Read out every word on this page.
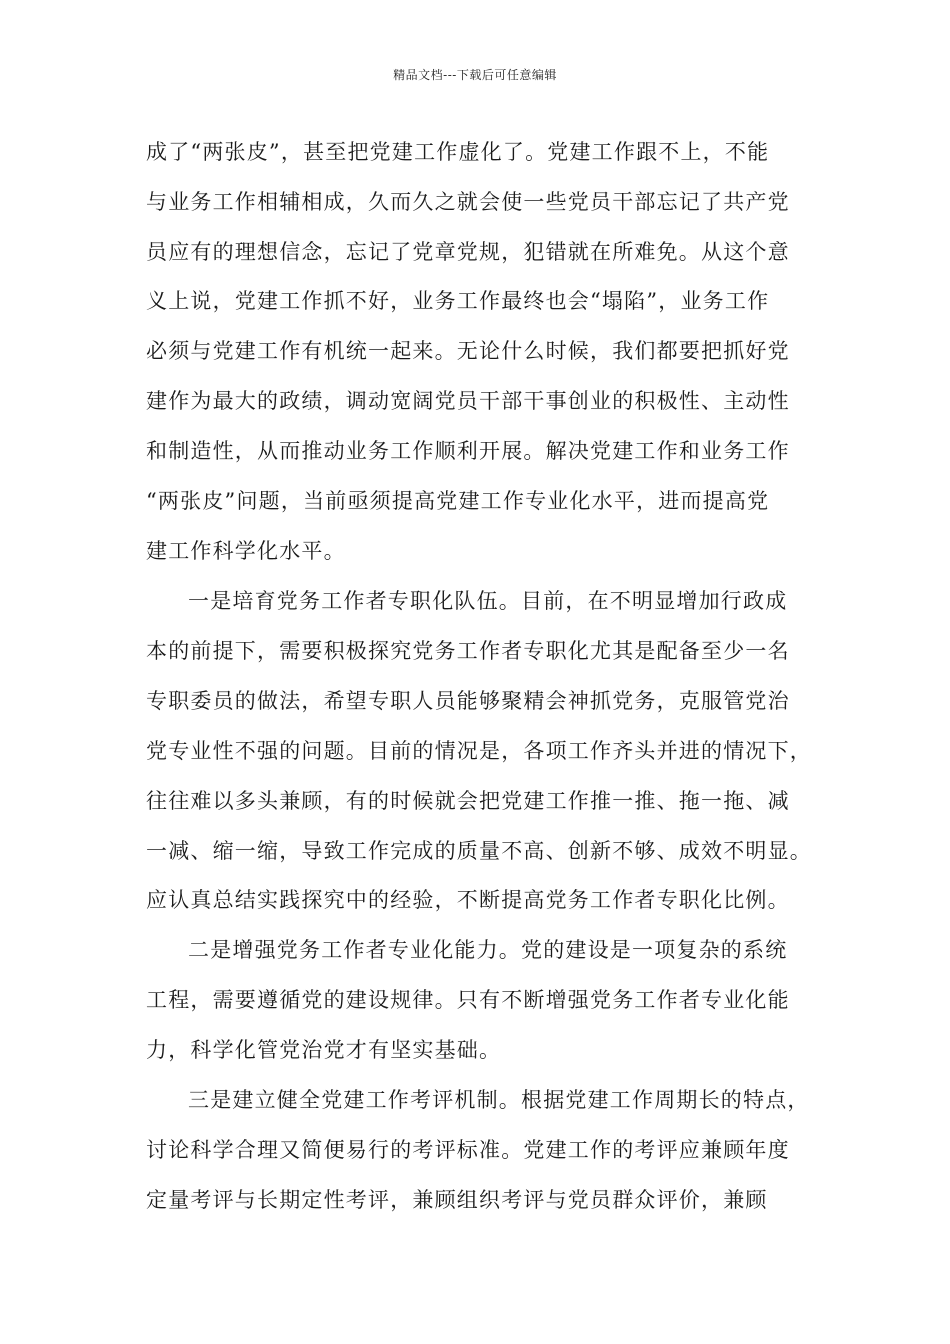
精品文档---下载后可任意编辑
成了“两张皮”，甚至把党建工作虚化了。党建工作跟不上，不能
与业务工作相辅相成，久而久之就会使一些党员干部忘记了共产党
员应有的理想信念，忘记了党章党规，犯错就在所难免。从这个意
义上说，党建工作抓不好，业务工作最终也会“塌陷”，业务工作
必须与党建工作有机统一起来。无论什么时候，我们都要把抓好党
建作为最大的政绩，调动宽阔党员干部干事创业的积极性、主动性
和制造性，从而推动业务工作顺利开展。解决党建工作和业务工作
“两张皮”问题，当前亟须提高党建工作专业化水平，进而提高党
建工作科学化水平。
一是培育党务工作者专职化队伍。目前，在不明显增加行政成
本的前提下，需要积极探究党务工作者专职化尤其是配备至少一名
专职委员的做法，希望专职人员能够聚精会神抓党务，克服管党治
党专业性不强的问题。目前的情况是，各项工作齐头并进的情况下，
往往难以多头兼顾，有的时候就会把党建工作推一推、拖一拖、减
一减、缩一缩，导致工作完成的质量不高、创新不够、成效不明显。
应认真总结实践探究中的经验，不断提高党务工作者专职化比例。
二是增强党务工作者专业化能力。党的建设是一项复杂的系统
工程，需要遵循党的建设规律。只有不断增强党务工作者专业化能
力，科学化管党治党才有坚实基础。
三是建立健全党建工作考评机制。根据党建工作周期长的特点，
讨论科学合理又简便易行的考评标准。党建工作的考评应兼顾年度
定量考评与长期定性考评，兼顾组织考评与党员群众评价，兼顾
